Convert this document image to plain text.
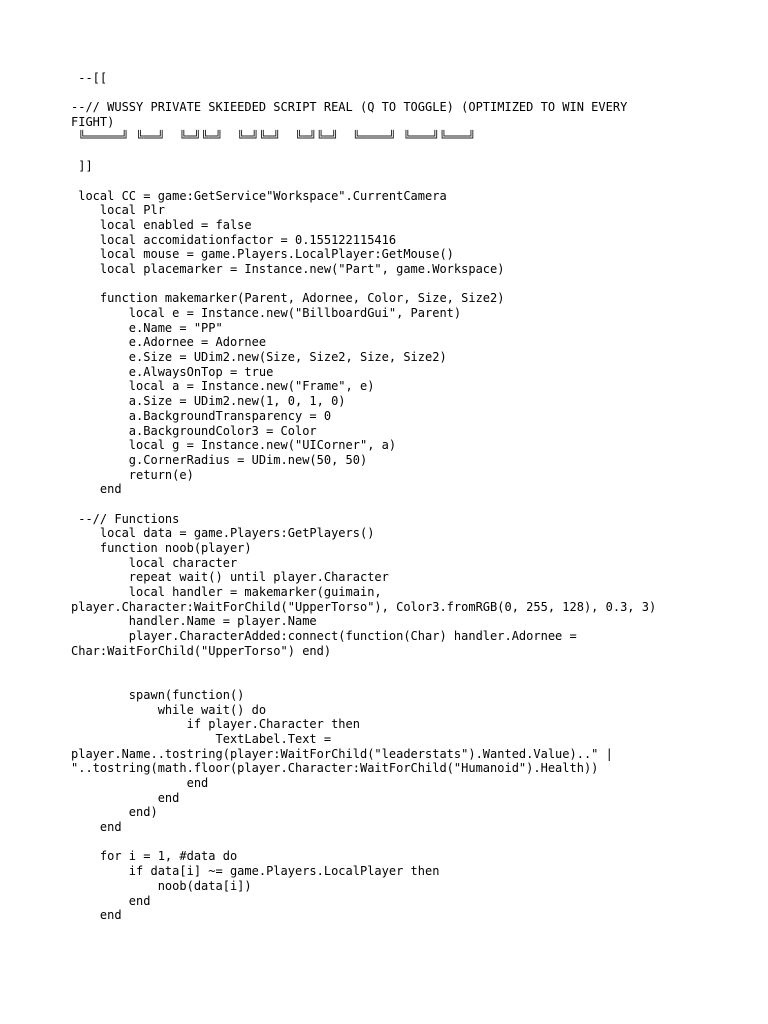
--[[
--// WUSSY PRIVATE SKIEEDED SCRIPT REAL (Q TO TOGGLE) (OPTIMIZED TO WIN EVERY
FIGHT)
╚═════╝ ╚══╝  ╚═╝╚═╝  ╚═╝╚═╝  ╚═╝╚═╝  ╚════╝ ╚═══╝╚═══╝
]]
local CC = game:GetService"Workspace".CurrentCamera
local Plr
local enabled = false
local accomidationfactor = 0.155122115416
local mouse = game.Players.LocalPlayer:GetMouse()
local placemarker = Instance.new("Part", game.Workspace)
function makemarker(Parent, Adornee, Color, Size, Size2)
local e = Instance.new("BillboardGui", Parent)
e.Name = "PP"
e.Adornee = Adornee
e.Size = UDim2.new(Size, Size2, Size, Size2)
e.AlwaysOnTop = true
local a = Instance.new("Frame", e)
a.Size = UDim2.new(1, 0, 1, 0)
a.BackgroundTransparency = 0
a.BackgroundColor3 = Color
local g = Instance.new("UICorner", a)
g.CornerRadius = UDim.new(50, 50)
return(e)
end
--// Functions
local data = game.Players:GetPlayers()
function noob(player)
local character
repeat wait() until player.Character
local handler = makemarker(guimain,
player.Character:WaitForChild("UpperTorso"), Color3.fromRGB(0, 255, 128), 0.3, 3)
handler.Name = player.Name
player.CharacterAdded:connect(function(Char) handler.Adornee =
Char:WaitForChild("UpperTorso") end)
spawn(function()
while wait() do
if player.Character then
TextLabel.Text =
player.Name..tostring(player:WaitForChild("leaderstats").Wanted.Value).." |
"..tostring(math.floor(player.Character:WaitForChild("Humanoid").Health))
end
end
end)
end
for i = 1, #data do
if data[i] ~= game.Players.LocalPlayer then
noob(data[i])
end
end
